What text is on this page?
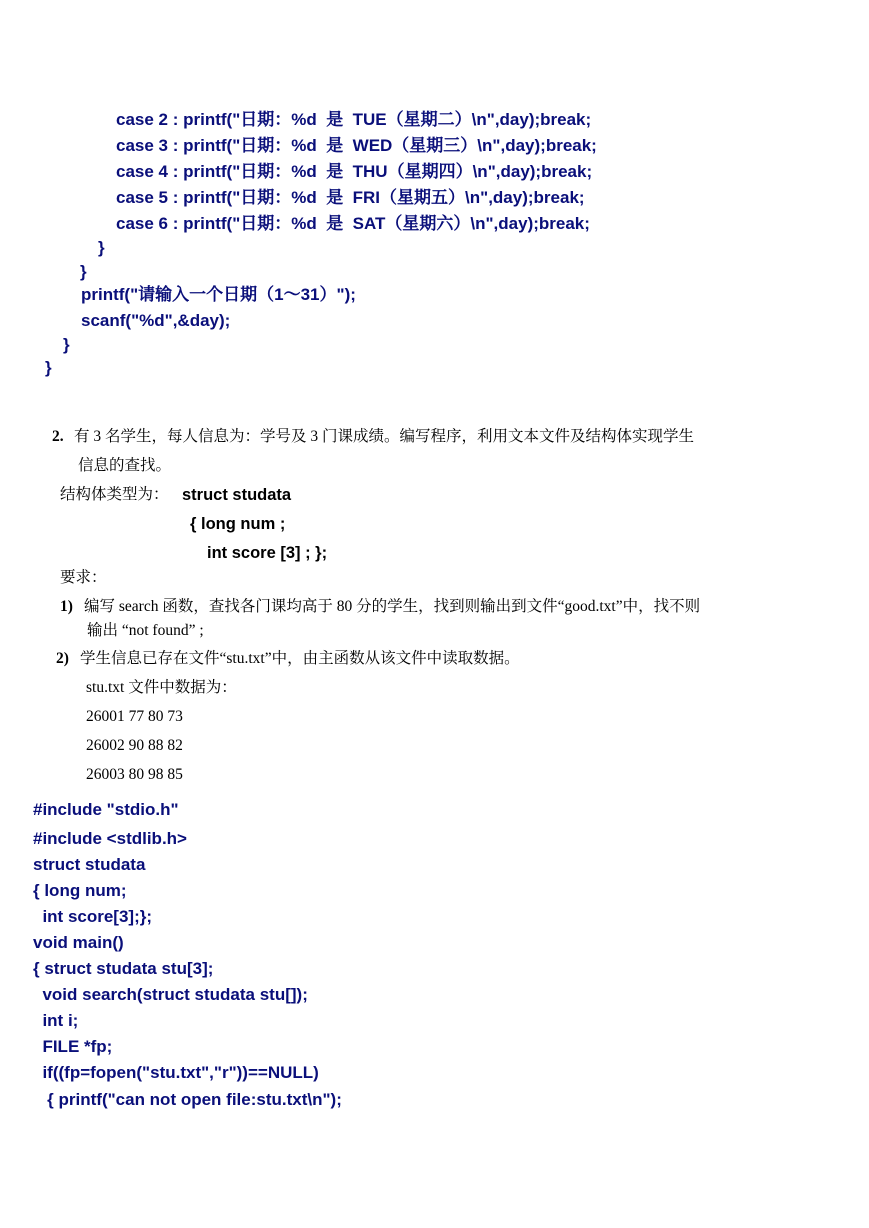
case 2 : printf("日期：%d  是  TUE（星期二）\n",day);break;
case 3 : printf("日期：%d  是  WED（星期三）\n",day);break;
case 4 : printf("日期：%d  是  THU（星期四）\n",day);break;
case 5 : printf("日期：%d  是  FRI（星期五）\n",day);break;
case 6 : printf("日期：%d  是  SAT（星期六）\n",day);break;
}
}
printf("请输入一个日期（1～31）");
scanf("%d",&day);
}
}
2. 有 3 名学生，每人信息为：学号及 3 门课成绩。编写程序，利用文本文件及结构体实现学生
信息的查找。
结构体类型为： struct studata
{ long num ;
int score [3] ; };
要求：
1) 编写 search 函数，查找各门课均高于 80 分的学生，找到则输出到文件“good.txt”中，找不则
输出 “not found” ;
2) 学生信息已存在文件“stu.txt”中，由主函数从该文件中读取数据。
stu.txt 文件中数据为：
26001 77 80 73
26002 90 88 82
26003 80 98 85
#include "stdio.h"
#include <stdlib.h>
struct studata
{ long num;
int score[3];};
void main()
{ struct studata stu[3];
void search(struct studata stu[]);
int i;
FILE *fp;
if((fp=fopen("stu.txt","r"))==NULL)
{ printf("can not open file:stu.txt\n");
